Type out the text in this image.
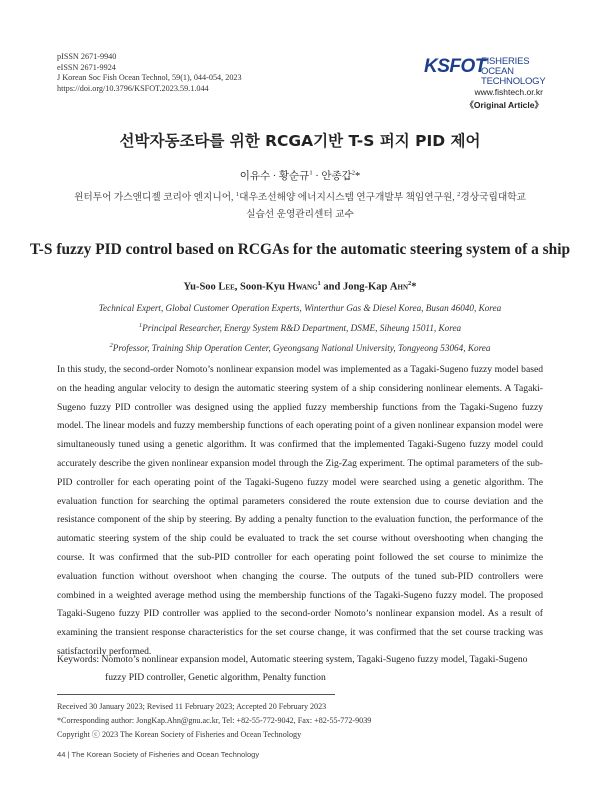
pISSN 2671-9940
eISSN 2671-9924
J Korean Soc Fish Ocean Technol, 59(1), 044-054, 2023
https://doi.org/10.3796/KSFOT.2023.59.1.044
KSFOT
FISHERIES OCEAN
TECHNOLOGY
www.fishtech.or.kr
《Original Article》
선박자동조타를 위한 RCGA기반 T-S 퍼지 PID 제어
이유수 · 황순규$^1$ · 안종갑$^2$*
윈터투어 가스앤디젤 코리아 엔지니어, $^1$대우조선해양 에너지시스템 연구개발부 책임연구원, $^2$경상국립대학교
실습선 운영관리센터 교수
T-S fuzzy PID control based on RCGAs for the automatic steering system of a ship
Yu-Soo Lee, Soon-Kyu Hwang$^1$ and Jong-Kap Ahn$^2$*
Technical Expert, Global Customer Operation Experts, Winterthur Gas & Diesel Korea, Busan 46040, Korea
$^1$Principal Researcher, Energy System R&D Department, DSME, Siheung 15011, Korea
$^2$Professor, Training Ship Operation Center, Gyeongsang National University, Tongyeong 53064, Korea
In this study, the second-order Nomoto’s nonlinear expansion model was implemented as a Tagaki-Sugeno fuzzy model based on the heading angular velocity to design the automatic steering system of a ship considering nonlinear elements. A Tagaki-Sugeno fuzzy PID controller was designed using the applied fuzzy membership functions from the Tagaki-Sugeno fuzzy model. The linear models and fuzzy membership functions of each operating point of a given nonlinear expansion model were simultaneously tuned using a genetic algorithm. It was confirmed that the implemented Tagaki-Sugeno fuzzy model could accurately describe the given nonlinear expansion model through the Zig-Zag experiment. The optimal parameters of the sub-PID controller for each operating point of the Tagaki-Sugeno fuzzy model were searched using a genetic algorithm. The evaluation function for searching the optimal parameters considered the route extension due to course deviation and the resistance component of the ship by steering. By adding a penalty function to the evaluation function, the performance of the automatic steering system of the ship could be evaluated to track the set course without overshooting when changing the course. It was confirmed that the sub-PID controller for each operating point followed the set course to minimize the evaluation function without overshoot when changing the course. The outputs of the tuned sub-PID controllers were combined in a weighted average method using the membership functions of the Tagaki-Sugeno fuzzy model. The proposed Tagaki-Sugeno fuzzy PID controller was applied to the second-order Nomoto’s nonlinear expansion model. As a result of examining the transient response characteristics for the set course change, it was confirmed that the set course tracking was satisfactorily performed.
Keywords: Nomoto’s nonlinear expansion model, Automatic steering system, Tagaki-Sugeno fuzzy model, Tagaki-Sugeno fuzzy PID controller, Genetic algorithm, Penalty function
Received 30 January 2023; Revised 11 February 2023; Accepted 20 February 2023
*Corresponding author: JongKap.Ahn@gnu.ac.kr, Tel: +82-55-772-9042, Fax: +82-55-772-9039
Copyright ⓒ 2023 The Korean Society of Fisheries and Ocean Technology
44 | The Korean Society of Fisheries and Ocean Technology
